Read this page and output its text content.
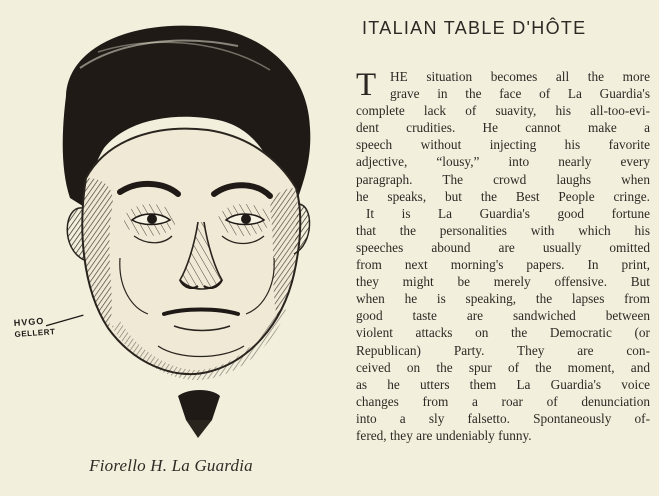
HVGO
GELLERT
Fiorello H. La Guardia
ITALIAN TABLE D'HÔTE
T	HE situation becomes all the more
grave in the face of La Guardia's
complete lack of suavity, his all-too-evi-
dent crudities. He cannot make a
speech without injecting his favorite
adjective, “lousy,” into nearly every
paragraph. The crowd laughs when
he speaks, but the Best People cringe.
It is La Guardia's good fortune
that the personalities with which his
speeches abound are usually omitted
from next morning's papers. In print,
they might be merely offensive. But
when he is speaking, the lapses from
good taste are sandwiched between
violent attacks on the Democratic (or
Republican) Party. They are con-
ceived on the spur of the moment, and
as he utters them La Guardia's voice
changes from a roar of denunciation
into a sly falsetto. Spontaneously of-
fered, they are undeniably funny.
